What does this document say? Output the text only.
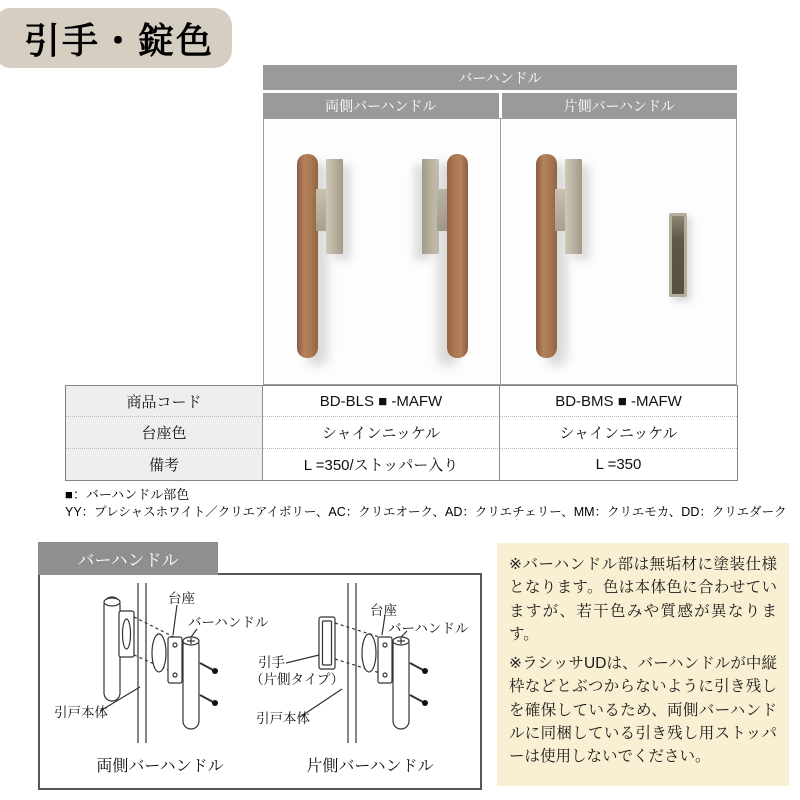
引手・錠色
バーハンドル
両側バーハンドル	片側バーハンドル
商品コード	BD-BLS ■ -MAFW	BD-BMS ■ -MAFW
台座色	シャインニッケル	シャインニッケル
備考	L =350/ストッパー入り	L =350
■：バーハンドル部色
YY：プレシャスホワイト／クリエアイボリー、AC：クリエオーク、AD：クリエチェリー、MM：クリエモカ、DD：クリエダーク
バーハンドル
台座
バーハンドル
引戸本体
台座
バーハンドル
引手
（片側タイプ）
引戸本体
両側バーハンドル	片側バーハンドル

※バーハンドル部は無垢材に塗装仕様となります。色は本体色に合わせていますが、若干色みや質感が異なります。

※ラシッサUDは、バーハンドルが中縦枠などとぶつからないように引き残しを確保しているため、両側バーハンドルに同梱している引き残し用ストッパーは使用しないでください。
